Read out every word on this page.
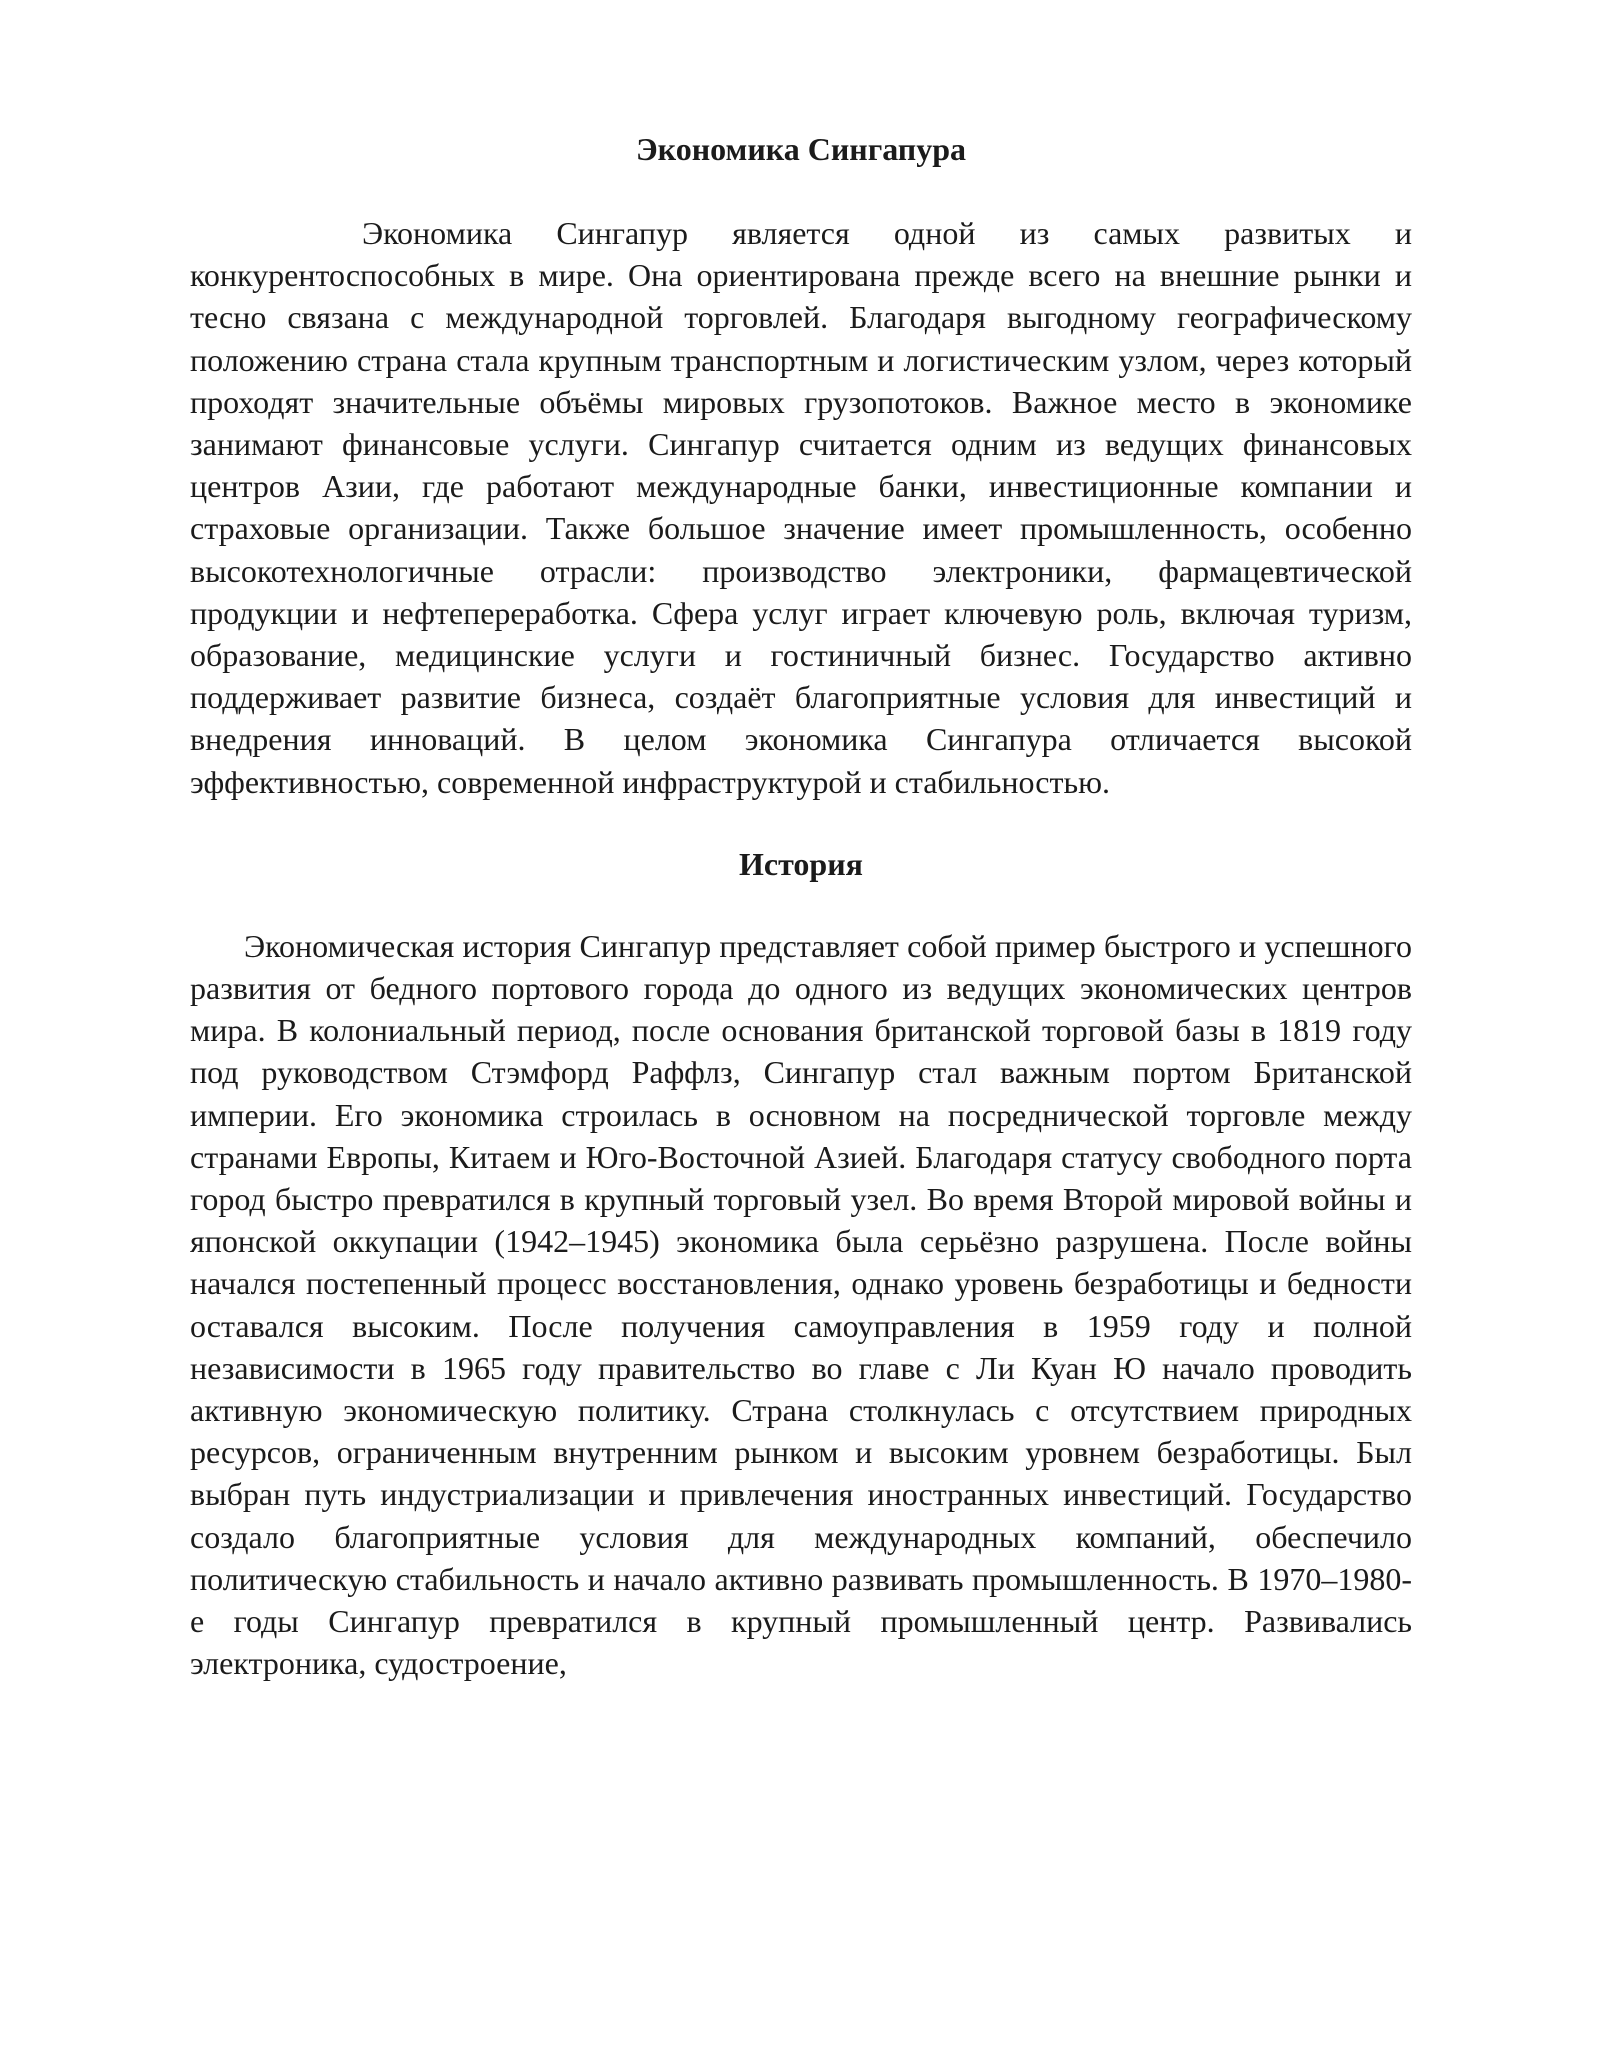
Экономика Сингапура

Экономика Сингапур является одной из самых развитых и конкурентоспособных в мире. Она ориентирована прежде всего на внешние рынки и тесно связана с международной торговлей. Благодаря выгодному географическому положению страна стала крупным транспортным и логистическим узлом, через который проходят значительные объёмы мировых грузопотоков. Важное место в экономике занимают финансовые услуги. Сингапур считается одним из ведущих финансовых центров Азии, где работают международные банки, инвестиционные компании и страховые организации. Также большое значение имеет промышленность, особенно высокотехнологичные отрасли: производство электроники, фармацевтической продукции и нефтепереработка. Сфера услуг играет ключевую роль, включая туризм, образование, медицинские услуги и гостиничный бизнес. Государство активно поддерживает развитие бизнеса, создаёт благоприятные условия для инвестиций и внедрения инноваций. В целом экономика Сингапура отличается высокой эффективностью, современной инфраструктурой и стабильностью.

История

Экономическая история Сингапур представляет собой пример быстрого и успешного развития от бедного портового города до одного из ведущих экономических центров мира. В колониальный период, после основания британской торговой базы в 1819 году под руководством Стэмфорд Раффлз, Сингапур стал важным портом Британской империи. Его экономика строилась в основном на посреднической торговле между странами Европы, Китаем и Юго-Восточной Азией. Благодаря статусу свободного порта город быстро превратился в крупный торговый узел. Во время Второй мировой войны и японской оккупации (1942–1945) экономика была серьёзно разрушена. После войны начался постепенный процесс восстановления, однако уровень безработицы и бедности оставался высоким. После получения самоуправления в 1959 году и полной независимости в 1965 году правительство во главе с Ли Куан Ю начало проводить активную экономическую политику. Страна столкнулась с отсутствием природных ресурсов, ограниченным внутренним рынком и высоким уровнем безработицы. Был выбран путь индустриализации и привлечения иностранных инвестиций. Государство создало благоприятные условия для международных компаний, обеспечило политическую стабильность и начало активно развивать промышленность. В 1970–1980-е годы Сингапур превратился в крупный промышленный центр. Развивались электроника, судостроение,
